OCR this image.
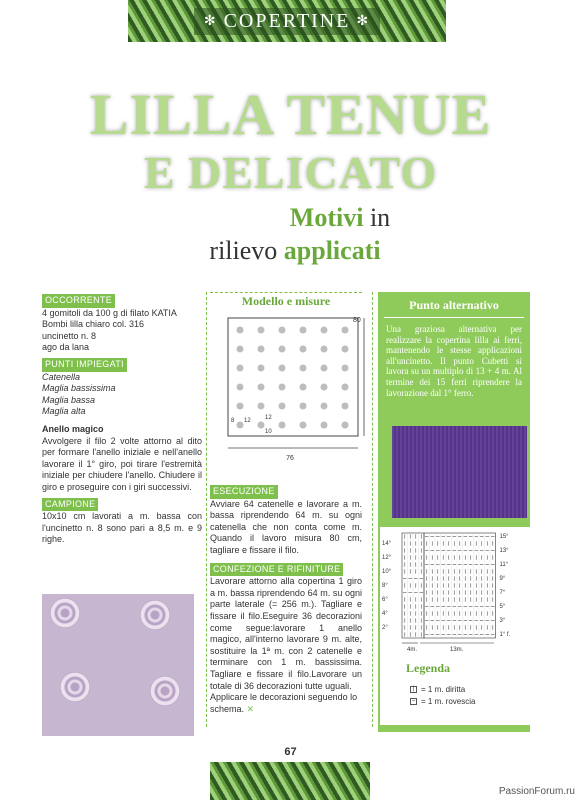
✻ COPERTINE ✻
LILLA TENUE
E DELICATO
Motivi in
rilievo applicati
OCCORRENTE

4 gomitoli da 100 g di filato KATIA

Bombi lilla chiaro col. 316

uncinetto n. 8

ago da lana

PUNTI IMPIEGATI

Catenella

Maglia bassissima

Maglia bassa

Maglia alta

Anello magico

Avvolgere il filo 2 volte attorno al dito per formare l'anello iniziale e nell'anello lavorare il 1° giro, poi tirare l'estremità iniziale per chiudere l'anello. Chiudere il giro e proseguire con i giri successivi.

CAMPIONE

10x10 cm lavorati a m. bassa con l'uncinetto n. 8 sono pari a 8,5 m. e 9 righe.

Modello e misure
76
80
8 12 12
10
ESECUZIONE

Avviare 64 catenelle e lavorare a m. bassa riprendendo 64 m. su ogni catenella che non conta come m. Quando il lavoro misura 80 cm, tagliare e fissare il filo.

CONFEZIONE E RIFINITURE

Lavorare attorno alla copertina 1 giro a m. bassa riprendendo 64 m. su ogni parte laterale (= 256 m.). Tagliare e fissare il filo.Eseguire 36 decorazioni come segue:lavorare 1 anello magico, all'interno lavorare 9 m. alte, sostituire la 1ª m. con 2 catenelle e terminare con 1 m. bassissima. Tagliare e fissare il filo.Lavorare un totale di 36 decorazioni tutte uguali.

Applicare le decorazioni seguendo lo schema. ✕

Punto alternativo
Una graziosa alternativa per realizzare la copertina lilla ai ferri, mantenendo le stesse applicazioni all'uncinetto. Il punto Cubetti si lavora su un multiplo di 13 + 4 m. Al termine dei 15 ferri riprendere la lavorazione dal 1° ferro.
14°
12°
10°
8°
6°
4°
2°
15°
13°
11°
9°
7°
5°
3°
1° f.
4m.	13m.
Legenda
| = 1 m. diritta
– = 1 m. rovescia
67
PassionForum.ru
